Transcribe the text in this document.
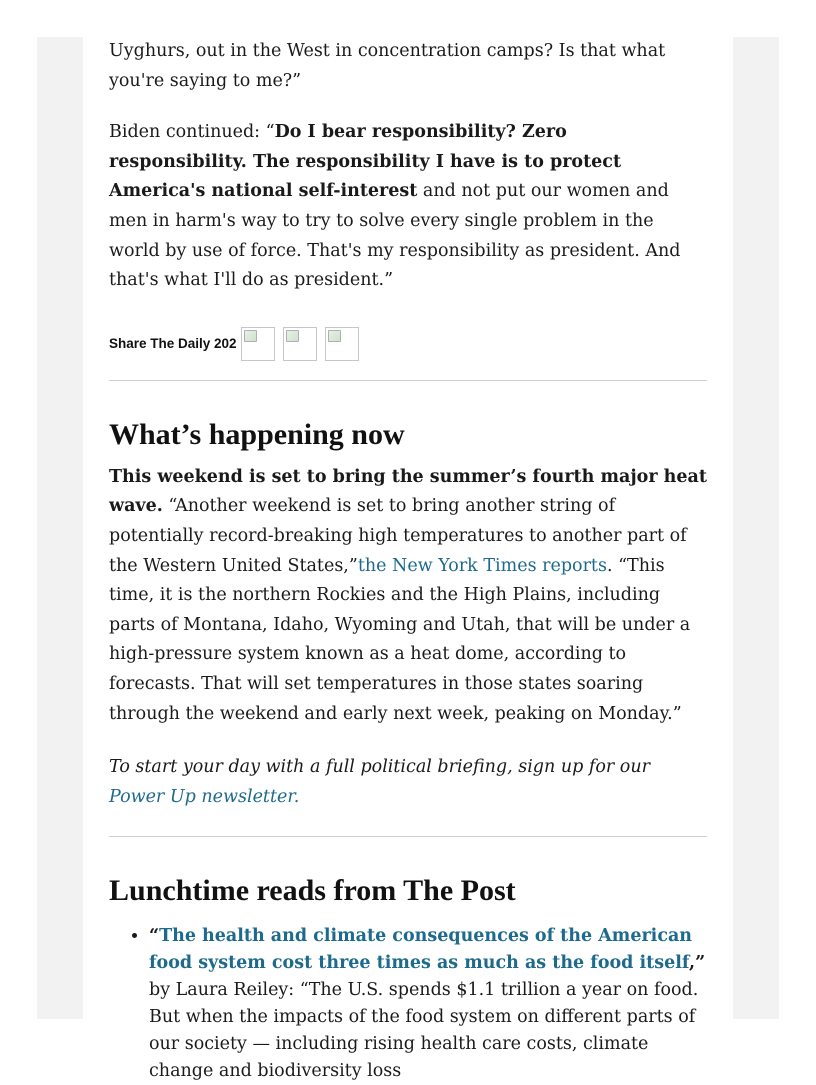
Uyghurs, out in the West in concentration camps? Is that what you're saying to me?”

Biden continued: “Do I bear responsibility? Zero responsibility. The responsibility I have is to protect America's national self-interest and not put our women and men in harm's way to try to solve every single problem in the world by use of force. That's my responsibility as president. And that's what I'll do as president.”

Share The Daily 202
What’s happening now

This weekend is set to bring the summer’s fourth major heat wave. “Another weekend is set to bring another string of potentially record-breaking high temperatures to another part of the Western United States,”the New York Times reports. “This time, it is the northern Rockies and the High Plains, including parts of Montana, Idaho, Wyoming and Utah, that will be under a high-pressure system known as a heat dome, according to forecasts. That will set temperatures in those states soaring through the weekend and early next week, peaking on Monday.”

To start your day with a full political briefing, sign up for our Power Up newsletter.

Lunchtime reads from The Post
• “The health and climate consequences of the American food system cost three times as much as the food itself,” by Laura Reiley: “The U.S. spends $1.1 trillion a year on food. But when the impacts of the food system on different parts of our society — including rising health care costs, climate change and biodiversity loss
